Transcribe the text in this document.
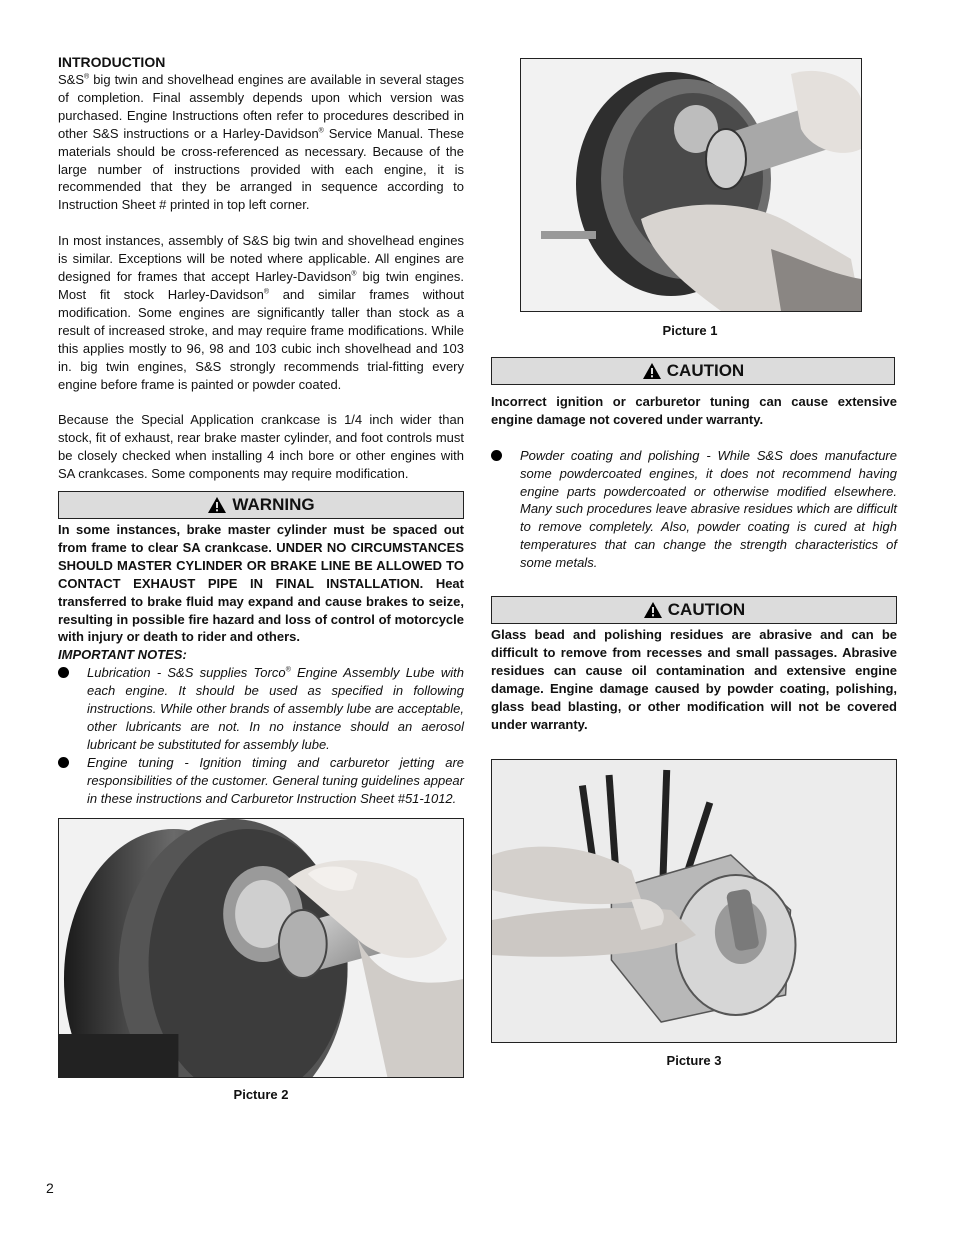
INTRODUCTION

S&S® big twin and shovelhead engines are available in several stages of completion. Final assembly depends upon which version was purchased. Engine Instructions often refer to procedures described in other S&S instructions or a Harley-Davidson® Service Manual. These materials should be cross-referenced as necessary. Because of the large number of instructions provided with each engine, it is recommended that they be arranged in sequence according to Instruction Sheet # printed in top left corner.

In most instances, assembly of S&S big twin and shovelhead engines is similar. Exceptions will be noted where applicable. All engines are designed for frames that accept Harley-Davidson® big twin engines. Most fit stock Harley-Davidson® and similar frames without modification. Some engines are significantly taller than stock as a result of increased stroke, and may require frame modifications. While this applies mostly to 96, 98 and 103 cubic inch shovelhead and 103 in. big twin engines, S&S strongly recommends trial-fitting every engine before frame is painted or powder coated.

Because the Special Application crankcase is 1/4 inch wider than stock, fit of exhaust, rear brake master cylinder, and foot controls must be closely checked when installing 4 inch bore or other engines with SA crankcases. Some components may require modification.

WARNING

In some instances, brake master cylinder must be spaced out from frame to clear SA crankcase. UNDER NO CIRCUMSTANCES SHOULD MASTER CYLINDER OR BRAKE LINE BE ALLOWED TO CONTACT EXHAUST PIPE IN FINAL INSTALLATION. Heat transferred to brake fluid may expand and cause brakes to seize, resulting in possible fire hazard and loss of control of motorcycle with injury or death to rider and others.

IMPORTANT NOTES:

Lubrication - S&S supplies Torco® Engine Assembly Lube with each engine. It should be used as specified in following instructions. While other brands of assembly lube are acceptable, other lubricants are not. In no instance should an aerosol lubricant be substituted for assembly lube.
Engine tuning - Ignition timing and carburetor jetting are responsibilities of the customer. General tuning guidelines appear in these instructions and Carburetor Instruction Sheet #51-1012.
Picture 2
Picture 1
CAUTION

Incorrect ignition or carburetor tuning can cause extensive engine damage not covered under warranty.

Powder coating and polishing - While S&S does manufacture some powdercoated engines, it does not recommend having engine parts powdercoated or otherwise modified elsewhere. Many such procedures leave abrasive residues which are difficult to remove completely. Also, powder coating is cured at high temperatures that can change the strength characteristics of some metals.
CAUTION

Glass bead and polishing residues are abrasive and can be difficult to remove from recesses and small passages. Abrasive residues can cause oil contamination and extensive engine damage. Engine damage caused by powder coating, polishing, glass bead blasting, or other modification will not be covered under warranty.

Picture 3
2
